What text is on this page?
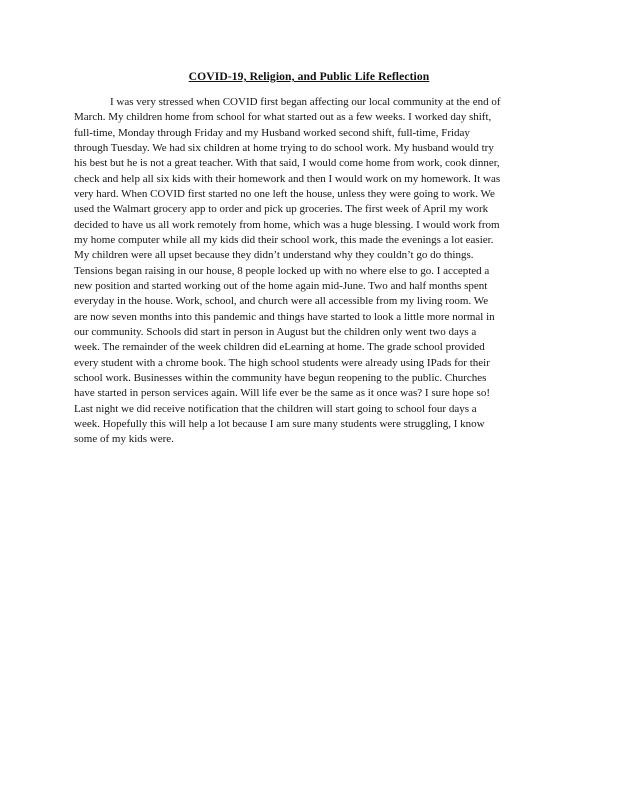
COVID-19, Religion, and Public Life Reflection
I was very stressed when COVID first began affecting our local community at the end of
March. My children home from school for what started out as a few weeks. I worked day shift,
full-time, Monday through Friday and my Husband worked second shift, full-time, Friday
through Tuesday. We had six children at home trying to do school work. My husband would try
his best but he is not a great teacher. With that said, I would come home from work, cook dinner,
check and help all six kids with their homework and then I would work on my homework. It was
very hard. When COVID first started no one left the house, unless they were going to work. We
used the Walmart grocery app to order and pick up groceries. The first week of April my work
decided to have us all work remotely from home, which was a huge blessing. I would work from
my home computer while all my kids did their school work, this made the evenings a lot easier.
My children were all upset because they didn’t understand why they couldn’t go do things.
Tensions began raising in our house, 8 people locked up with no where else to go. I accepted a
new position and started working out of the home again mid-June. Two and half months spent
everyday in the house. Work, school, and church were all accessible from my living room. We
are now seven months into this pandemic and things have started to look a little more normal in
our community. Schools did start in person in August but the children only went two days a
week. The remainder of the week children did eLearning at home. The grade school provided
every student with a chrome book. The high school students were already using IPads for their
school work. Businesses within the community have begun reopening to the public. Churches
have started in person services again. Will life ever be the same as it once was? I sure hope so!
Last night we did receive notification that the children will start going to school four days a
week. Hopefully this will help a lot because I am sure many students were struggling, I know
some of my kids were.
